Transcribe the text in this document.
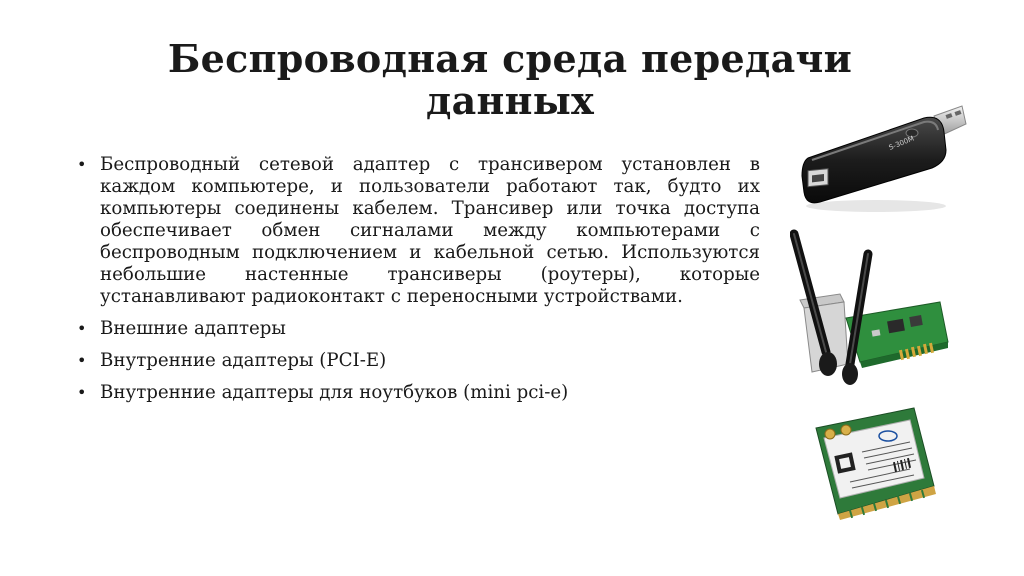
Беспроводная среда передачи
данных
• Беспроводный сетевой адаптер с трансивером установлен в каждом компьютере, и пользователи работают так, будто их компьютеры соединены кабелем. Трансивер или точка доступа обеспечивает обмен сигналами между компьютерами с беспроводным подключением и кабельной сетью. Используются небольшие настенные трансиверы (роутеры), которые устанавливают радиоконтакт с переносными устройствами.
• Внешние адаптеры
• Внутренние адаптеры (PCI-E)
• Внутренние адаптеры для ноутбуков (mini pci-e)
S-300M
